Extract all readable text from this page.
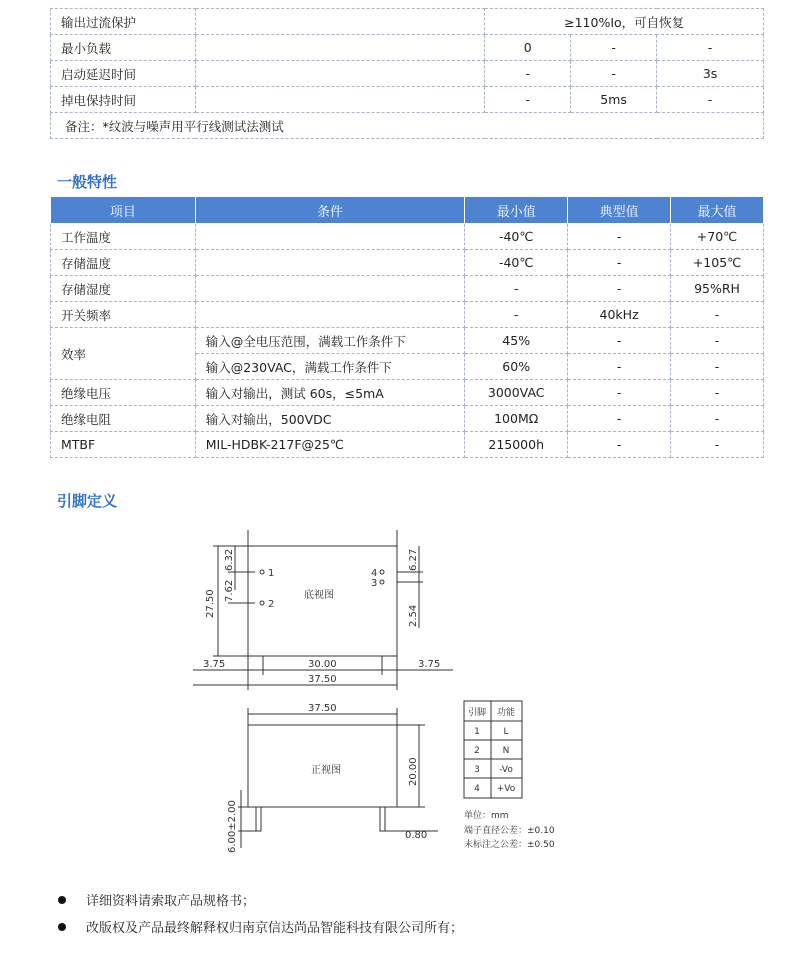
输出过流保护		≥110%Io，可自恢复		
最小负载		0	-	-
启动延迟时间		-	-	3s
掉电保持时间		-	5ms	-
备注：*纹波与噪声用平行线测试法测试				
一般特性
项目	条件	最小值	典型值	最大值
工作温度		-40℃	-	+70℃
存储温度		-40℃	-	+105℃
存储湿度		-	-	95%RH
开关频率		-	40kHz	-
效率	输入@全电压范围，满载工作条件下	45%	-	-
	输入@230VAC，满载工作条件下	60%	-	-
绝缘电压	输入对输出，测试 60s，≤5mA	3000VAC	-	-
绝缘电阻	输入对输出，500VDC	100MΩ	-	-
MTBF	MIL-HDBK-217F@25℃	215000h	-	-
引脚定义
1
2
4
3
底视图
正视图
27.50
6.32
7.62
6.27
2.54
3.75	30.00	3.75
37.50
37.50
20.00
6.00±2.00	0.80
引脚 功能
1	L
2	N
3 -Vo
4 +Vo
单位：mm
端子直径公差：±0.10
未标注之公差：±0.50
详细资料请索取产品规格书；
改版权及产品最终解释权归南京信达尚品智能科技有限公司所有；
